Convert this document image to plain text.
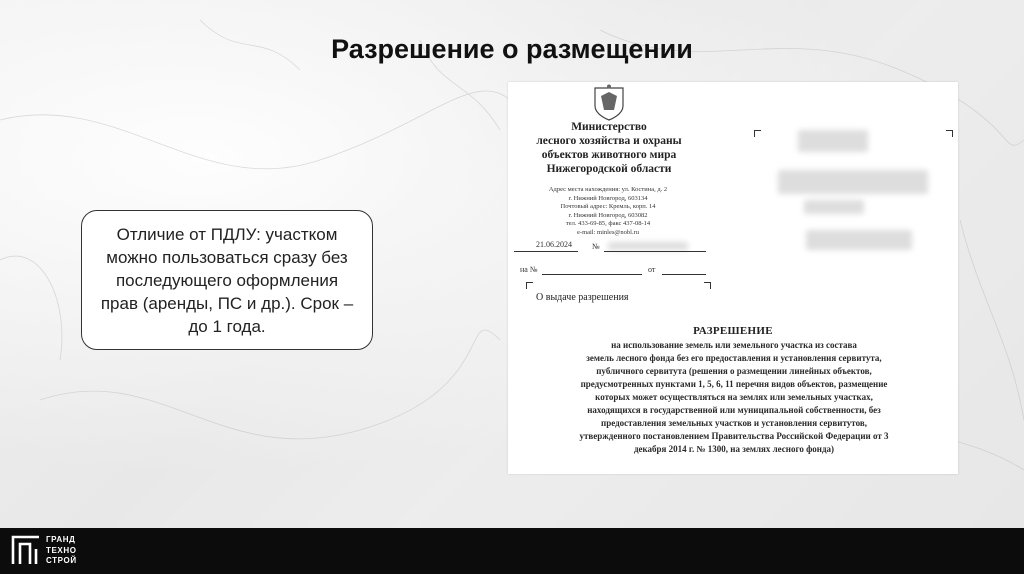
Разрешение о размещении
Отличие от ПДЛУ: участком можно пользоваться сразу без последующего оформления прав (аренды, ПС и др.). Срок – до 1 года.
Министерство
лесного хозяйства и охраны
объектов животного мира
Нижегородской области
Адрес места нахождения: ул. Костина, д. 2
г. Нижний Новгород, 603134
Почтовый адрес: Кремль, корп. 14
г. Нижний Новгород, 603082
тел. 433-69-85, факс 437-08-14
e-mail: minles@nobl.ru
21.06.2024	№
на №	от
О выдаче разрешения
РАЗРЕШЕНИЕ
на использование земель или земельного участка из состава
земель лесного фонда без его предоставления и установления сервитута,
публичного сервитута (решения о размещении линейных объектов,
предусмотренных пунктами 1, 5, 6, 11 перечня видов объектов, размещение
которых может осуществляться на землях или земельных участках,
находящихся в государственной или муниципальной собственности, без
предоставления земельных участков и установления сервитутов,
утвержденного постановлением Правительства Российской Федерации от 3
декабря 2014 г. № 1300, на землях лесного фонда)
ГРАНД
ТЕХНО
СТРОЙ
